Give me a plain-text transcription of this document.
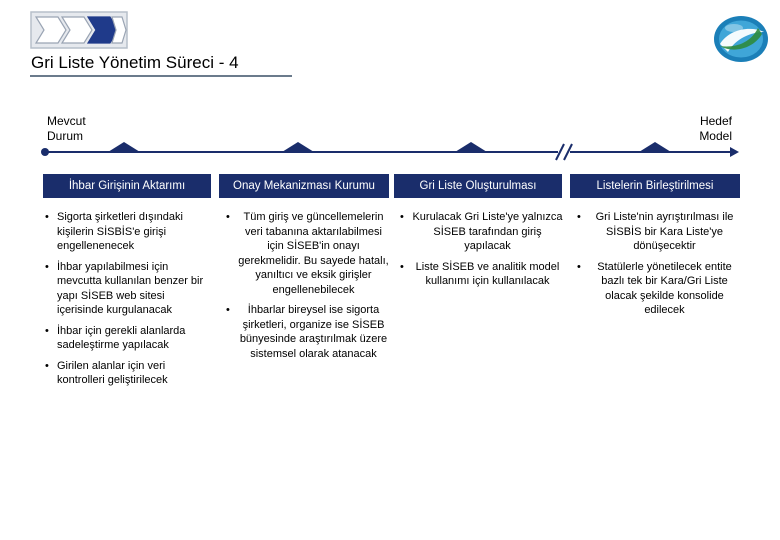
Gri Liste Yönetim Süreci - 4
Mevcut
Durum
Hedef
Model
İhbar Girişinin Aktarımı	Onay Mekanizması Kurumu	Gri Liste Oluşturulması	Listelerin Birleştirilmesi
• Sigorta şirketleri dışındaki kişilerin SİSBİS'e girişi engellenenecek
• İhbar yapılabilmesi için mevcutta kullanılan benzer bir yapı SİSEB web sitesi içerisinde kurgulanacak
• İhbar için gerekli alanlarda sadeleştirme yapılacak
• Girilen alanlar için veri kontrolleri geliştirilecek
• Tüm giriş ve güncellemelerin veri tabanına aktarılabilmesi için SİSEB'in onayı gerekmelidir. Bu sayede hatalı, yanıltıcı ve eksik girişler engellenebilecek
• İhbarlar bireysel ise sigorta şirketleri, organize ise SİSEB bünyesinde araştırılmak üzere sistemsel olarak atanacak
• Kurulacak Gri Liste'ye yalnızca SİSEB tarafından giriş yapılacak
• Liste SİSEB ve analitik model kullanımı için kullanılacak
• Gri Liste'nin ayrıştırılması ile SİSBİS bir Kara Liste'ye dönüşecektir
• Statülerle yönetilecek entite bazlı tek bir Kara/Gri Liste olacak şekilde konsolide edilecek
